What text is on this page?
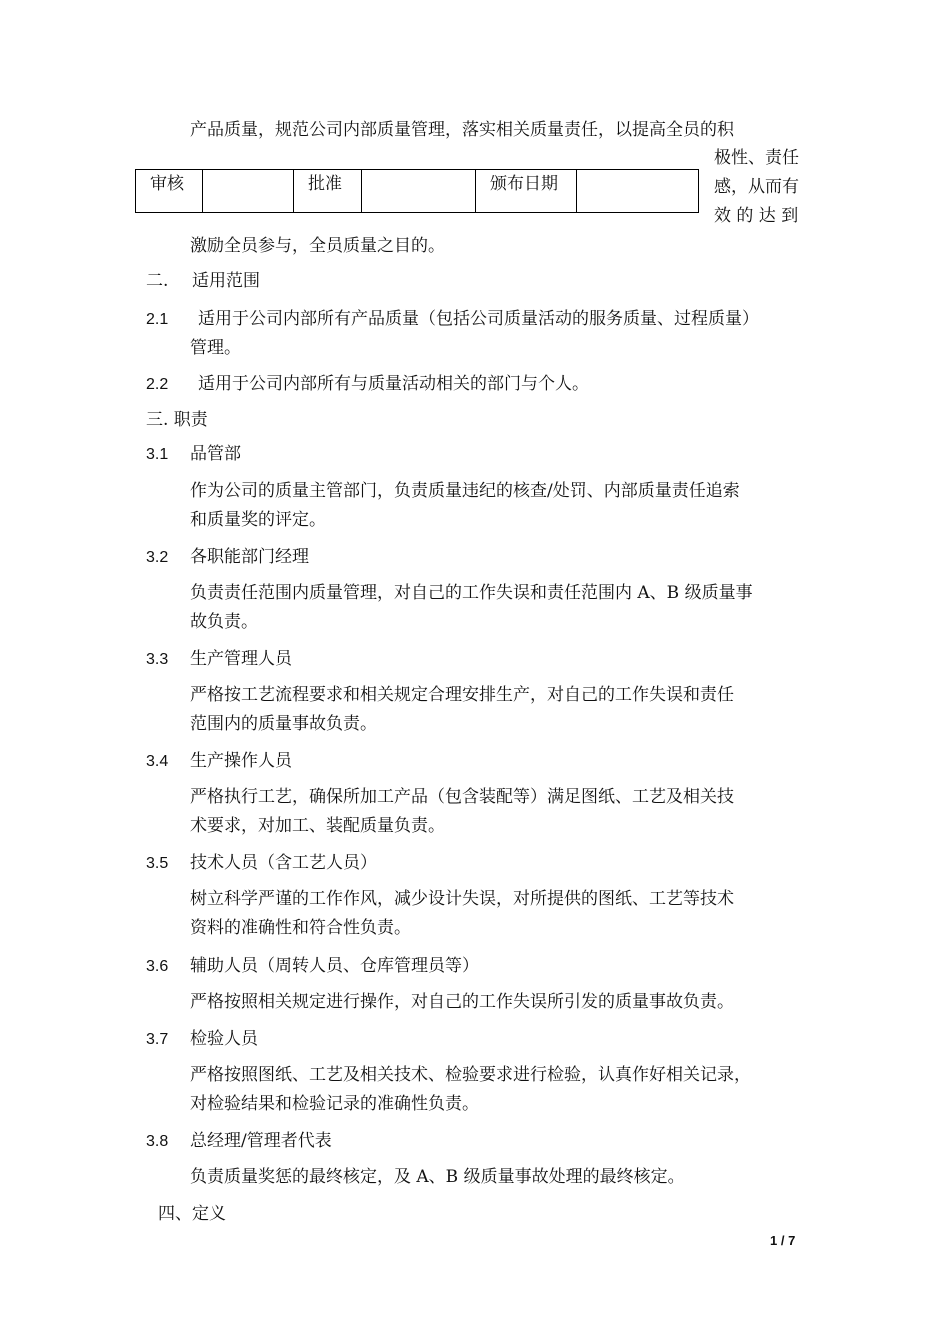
产品质量，规范公司内部质量管理，落实相关质量责任，以提高全员的积
极性、责任
感，从而有
效 的 达 到
审核		批准		颁布日期

激励全员参与，全员质量之目的。
二. 适用范围
2.1 适用于公司内部所有产品质量（包括公司质量活动的服务质量、过程质量）
管理。
2.2 适用于公司内部所有与质量活动相关的部门与个人。
三. 职责
3.1 品管部
作为公司的质量主管部门，负责质量违纪的核查/处罚、内部质量责任追索
和质量奖的评定。
3.2 各职能部门经理
负责责任范围内质量管理，对自己的工作失误和责任范围内 A、B 级质量事
故负责。
3.3 生产管理人员
严格按工艺流程要求和相关规定合理安排生产，对自己的工作失误和责任
范围内的质量事故负责。
3.4 生产操作人员
严格执行工艺，确保所加工产品（包含装配等）满足图纸、工艺及相关技
术要求，对加工、装配质量负责。
3.5 技术人员（含工艺人员）
树立科学严谨的工作作风，减少设计失误，对所提供的图纸、工艺等技术
资料的准确性和符合性负责。
3.6 辅助人员（周转人员、仓库管理员等）
严格按照相关规定进行操作，对自己的工作失误所引发的质量事故负责。
3.7 检验人员
严格按照图纸、工艺及相关技术、检验要求进行检验，认真作好相关记录，
对检验结果和检验记录的准确性负责。
3.8 总经理/管理者代表
负责质量奖惩的最终核定，及 A、B 级质量事故处理的最终核定。
四、定义
1 / 7
